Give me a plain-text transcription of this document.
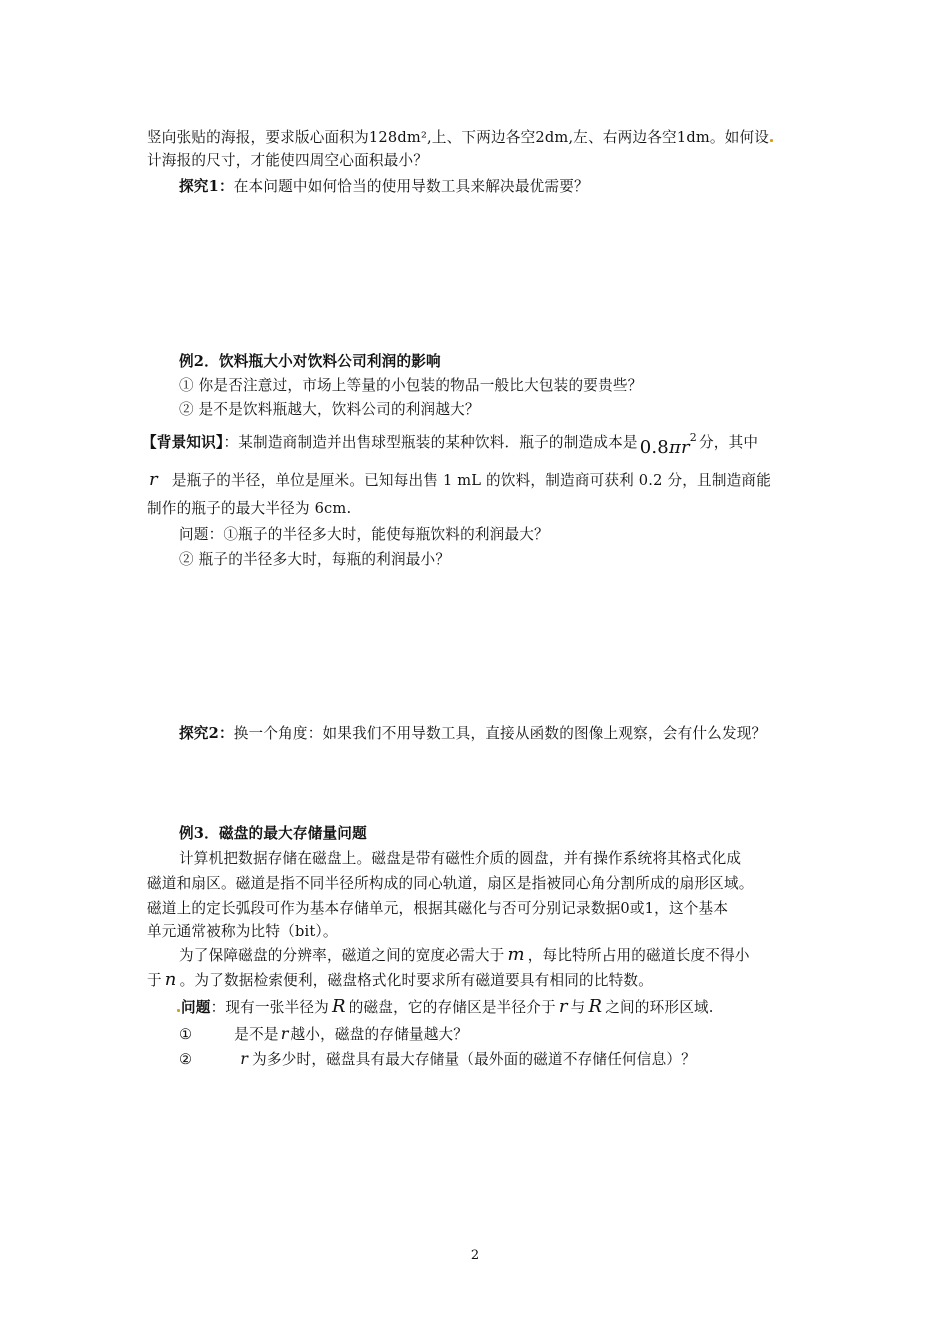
竖向张贴的海报，要求版心面积为128dm²,上、下两边各空2dm,左、右两边各空1dm。如何设
计海报的尺寸，才能使四周空心面积最小？
探究1：在本问题中如何恰当的使用导数工具来解决最优需要？
例2．饮料瓶大小对饮料公司利润的影响
① 你是否注意过，市场上等量的小包装的物品一般比大包装的要贵些？
② 是不是饮料瓶越大，饮料公司的利润越大？
【背景知识】：某制造商制造并出售球型瓶装的某种饮料．瓶子的制造成本是 $0.8\pi r^2$ 分，其中
r 是瓶子的半径，单位是厘米。已知每出售 1 mL 的饮料，制造商可获利 0.2 分，且制造商能
制作的瓶子的最大半径为 6cm.
问题：①瓶子的半径多大时，能使每瓶饮料的利润最大？
② 瓶子的半径多大时，每瓶的利润最小？
探究2：换一个角度：如果我们不用导数工具，直接从函数的图像上观察，会有什么发现？
例3．磁盘的最大存储量问题
计算机把数据存储在磁盘上。磁盘是带有磁性介质的圆盘，并有操作系统将其格式化成
磁道和扇区。磁道是指不同半径所构成的同心轨道，扇区是指被同心角分割所成的扇形区域。
磁道上的定长弧段可作为基本存储单元，根据其磁化与否可分别记录数据0或1，这个基本
单元通常被称为比特（bit）。
为了保障磁盘的分辨率，磁道之间的宽度必需大于 m ，每比特所占用的磁道长度不得小
于 n 。为了数据检索便利，磁盘格式化时要求所有磁道要具有相同的比特数。
问题：现有一张半径为 R 的磁盘，它的存储区是半径介于 r 与 R 之间的环形区域.
①	是不是 r 越小，磁盘的存储量越大？
②	r 为多少时，磁盘具有最大存储量（最外面的磁道不存储任何信息）？
2
